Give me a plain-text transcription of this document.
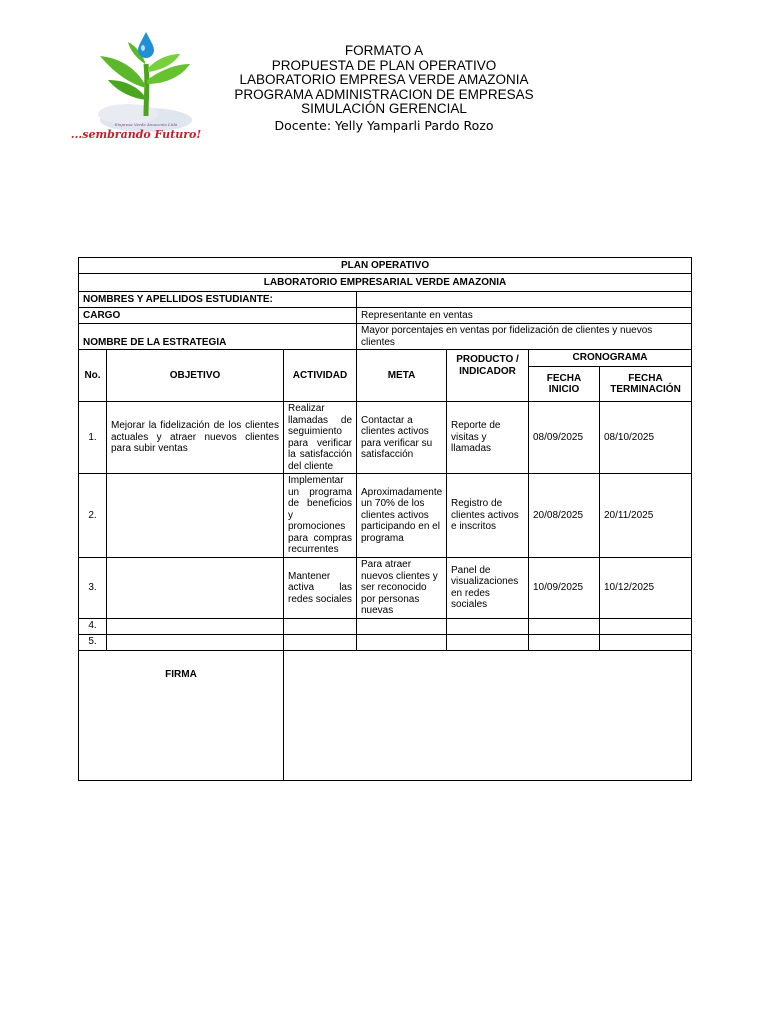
Empresa Verde Amazonia Ltda
...sembrando Futuro!
FORMATO A
PROPUESTA DE PLAN OPERATIVO
LABORATORIO EMPRESA VERDE AMAZONIA
PROGRAMA ADMINISTRACION DE EMPRESAS
SIMULACIÓN GERENCIAL
Docente: Yelly Yamparli Pardo Rozo
PLAN OPERATIVO						
LABORATORIO EMPRESARIAL VERDE AMAZONIA						
NOMBRES Y APELLIDOS ESTUDIANTE:						
CARGO			Representante en ventas			
NOMBRE DE LA ESTRATEGIA			Mayor porcentajes en ventas por fidelización de clientes y nuevos clientes			
No.	OBJETIVO	ACTIVIDAD	META	PRODUCTO / INDICADOR	CRONOGRAMA	
					FECHA INICIO	FECHA TERMINACIÓN
1.	Mejorar la fidelización de los clientes actuales y atraer nuevos clientes para subir ventas	Realizar llamadas de seguimiento para verificar la satisfacción del cliente	Contactar a clientes activos para verificar su satisfacción	Reporte de visitas y llamadas	08/09/2025	08/10/2025
2.		Implementar un programa de beneficios y promociones para compras recurrentes	Aproximadamente un 70% de los clientes activos participando en el programa	Registro de clientes activos e inscritos	20/08/2025	20/11/2025
3.		Mantener activa las redes sociales	Para atraer nuevos clientes y ser reconocido por personas nuevas	Panel de visualizaciones en redes sociales	10/09/2025	10/12/2025
4.						
5.						
FIRMA						
